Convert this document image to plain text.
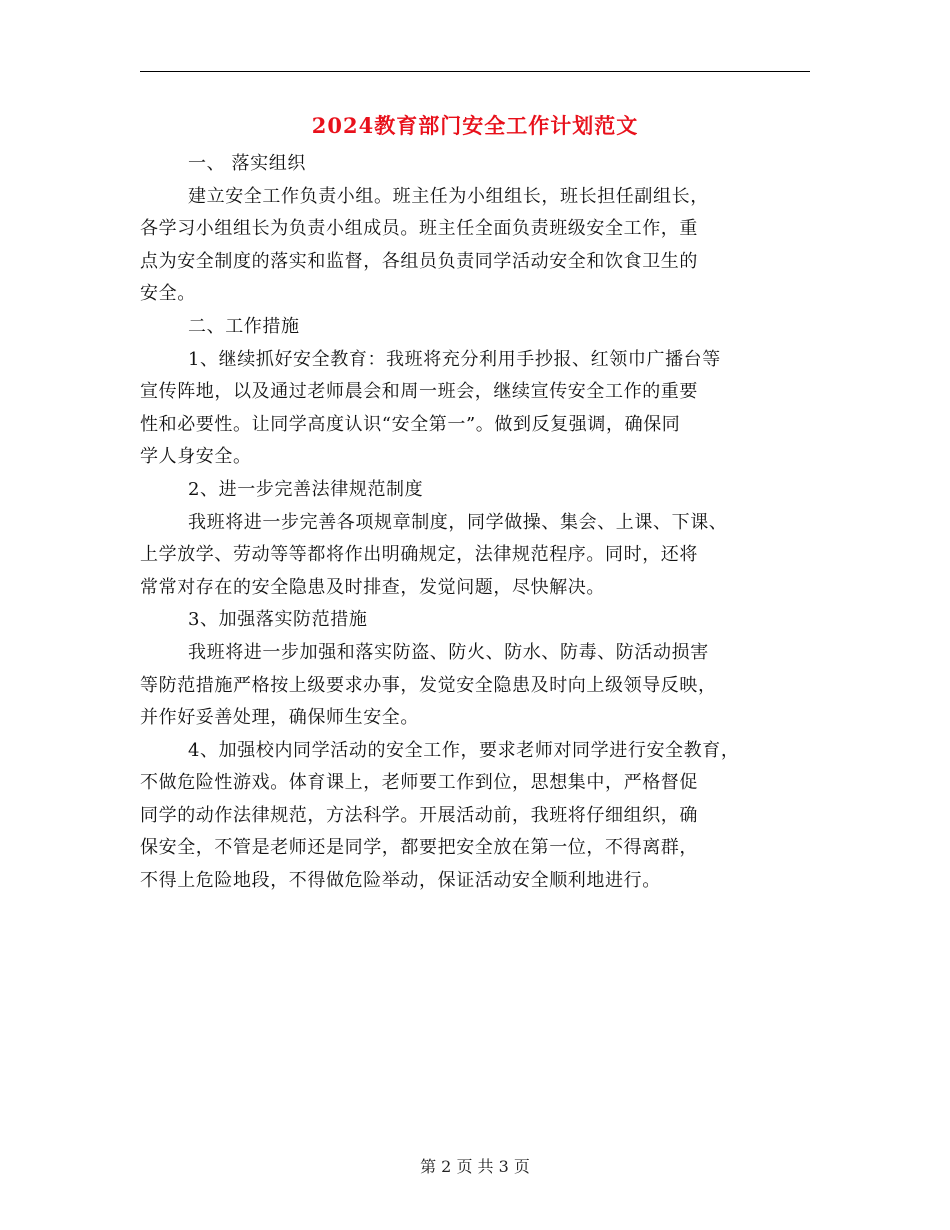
2024教育部门安全工作计划范文
一、 落实组织
建立安全工作负责小组。班主任为小组组长，班长担任副组长，
各学习小组组长为负责小组成员。班主任全面负责班级安全工作，重
点为安全制度的落实和监督，各组员负责同学活动安全和饮食卫生的
安全。
二、工作措施
1、继续抓好安全教育：我班将充分利用手抄报、红领巾广播台等
宣传阵地，以及通过老师晨会和周一班会，继续宣传安全工作的重要
性和必要性。让同学高度认识“安全第一”。做到反复强调，确保同
学人身安全。
2、进一步完善法律规范制度
我班将进一步完善各项规章制度，同学做操、集会、上课、下课、
上学放学、劳动等等都将作出明确规定，法律规范程序。同时，还将
常常对存在的安全隐患及时排查，发觉问题，尽快解决。
3、加强落实防范措施
我班将进一步加强和落实防盗、防火、防水、防毒、防活动损害
等防范措施严格按上级要求办事，发觉安全隐患及时向上级领导反映，
并作好妥善处理，确保师生安全。
4、加强校内同学活动的安全工作，要求老师对同学进行安全教育，
不做危险性游戏。体育课上，老师要工作到位，思想集中，严格督促
同学的动作法律规范，方法科学。开展活动前，我班将仔细组织，确
保安全，不管是老师还是同学，都要把安全放在第一位，不得离群，
不得上危险地段，不得做危险举动，保证活动安全顺利地进行。
第 2 页 共 3 页
